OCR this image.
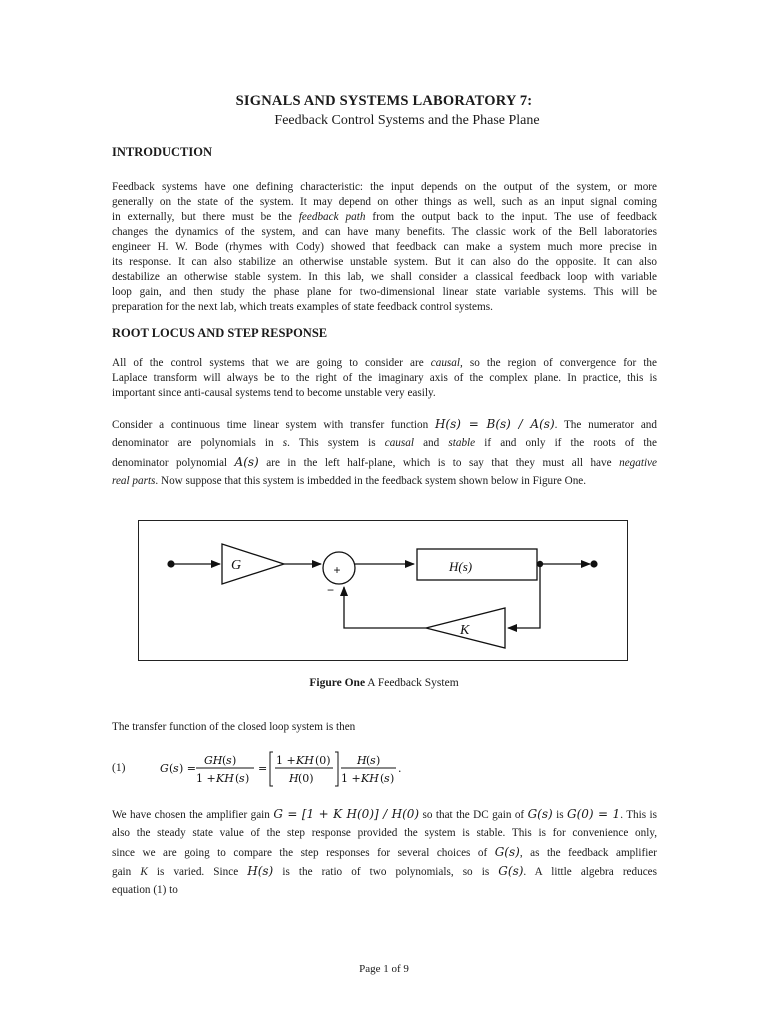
SIGNALS AND SYSTEMS LABORATORY 7:
Feedback Control Systems and the Phase Plane
INTRODUCTION
Feedback systems have one defining characteristic: the input depends on the output of the system, or more
generally on the state of the system. It may depend on other things as well, such as an input signal coming
in externally, but there must be the feedback path from the output back to the input. The use of feedback
changes the dynamics of the system, and can have many benefits. The classic work of the Bell laboratories
engineer H. W. Bode (rhymes with Cody) showed that feedback can make a system much more precise in
its response. It can also stabilize an otherwise unstable system. But it can also do the opposite. It can also
destabilize an otherwise stable system. In this lab, we shall consider a classical feedback loop with variable
loop gain, and then study the phase plane for two-dimensional linear state variable systems. This will be
preparation for the next lab, which treats examples of state feedback control systems.
ROOT LOCUS AND STEP RESPONSE
All of the control systems that we are going to consider are causal, so the region of convergence for the
Laplace transform will always be to the right of the imaginary axis of the complex plane. In practice, this is
important since anti-causal systems tend to become unstable very easily.
Consider a continuous time linear system with transfer function H(s) = B(s) / A(s). The numerator and
denominator are polynomials in s. This system is causal and stable if and only if the roots of the
denominator polynomial A(s) are in the left half-plane, which is to say that they must all have negative
real parts. Now suppose that this system is imbedded in the feedback system shown below in Figure One.
G	+
−
H(s)
K
Figure One A Feedback System
The transfer function of the closed loop system is then
(1)	G ( s ) =
GH ( s )
1 + KH ( s )
=
1 + KH (0)
H (0)
H ( s )
1 + KH ( s )
.
We have chosen the amplifier gain G = [1 + K H(0)] / H(0) so that the DC gain of G(s) is G(0) = 1. This is
also the steady state value of the step response provided the system is stable. This is for convenience only,
since we are going to compare the step responses for several choices of G(s), as the feedback amplifier
gain K is varied. Since H(s) is the ratio of two polynomials, so is G(s). A little algebra reduces
equation (1) to
Page 1 of 9
